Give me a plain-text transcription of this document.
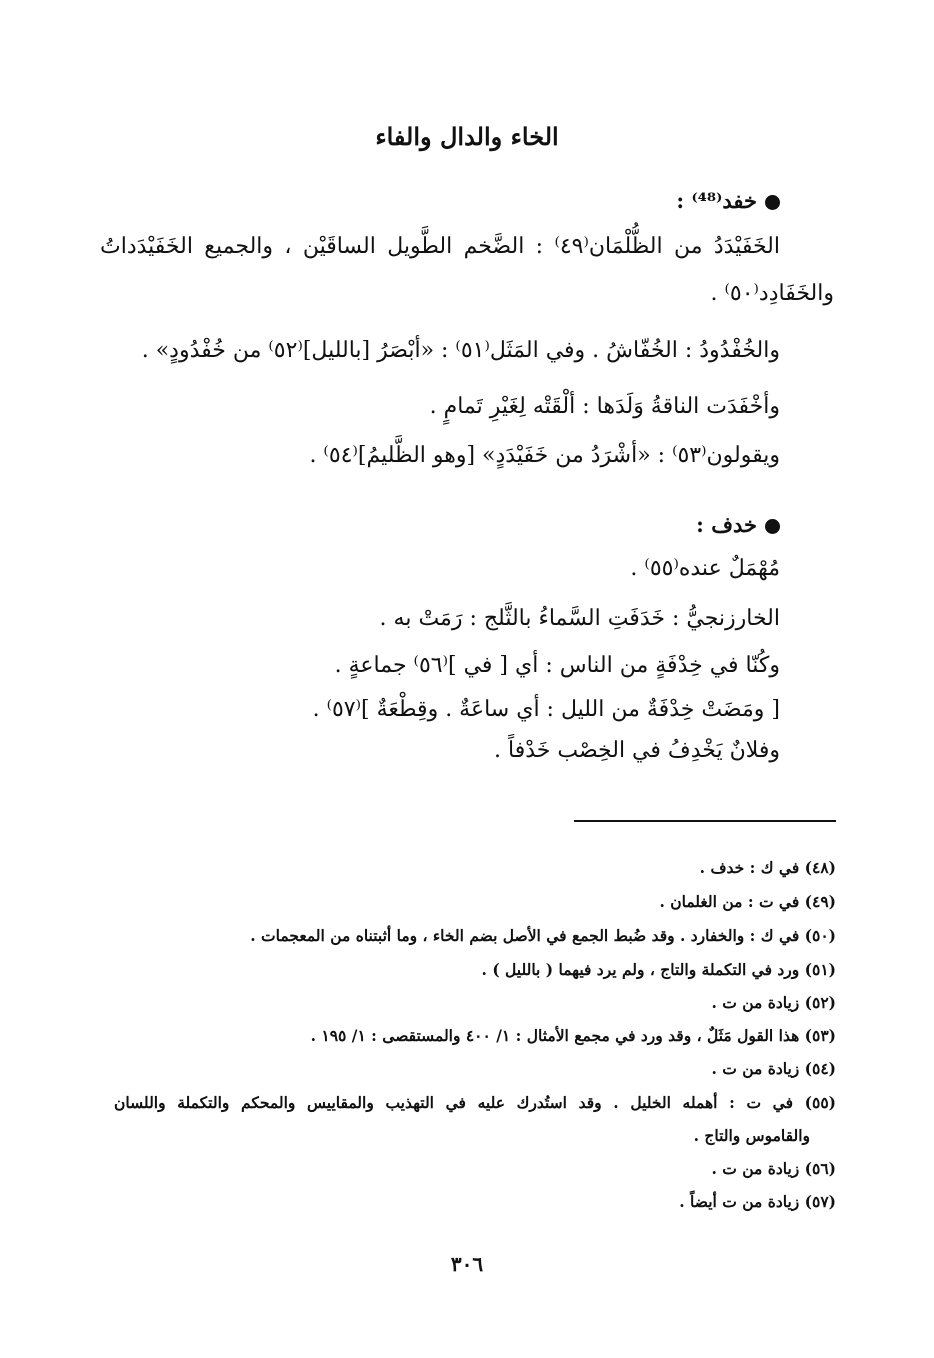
الخاء والدال والفاء
خفد⁽⁴⁸⁾ :
الخَفَيْدَدُ من الظُّلْمَان⁽٤٩⁾ : الضَّخم الطَّويل الساقَيْن ، والجميع الخَفَيْدَداتُ
والخَفَادِد⁽٥٠⁾ .
والخُفْدُودُ : الخُفّاشُ . وفي المَثَل⁽٥١⁾ : «أبْصَرُ [بالليل]⁽٥٢⁾ من خُفْدُودٍ» .
وأخْفَدَت الناقةُ وَلَدَها : ألْقَتْه لِغَيْرِ تَمامٍ .
ويقولون⁽٥٣⁾ : «أشْرَدُ من خَفَيْدَدٍ» [وهو الظَّليمُ]⁽٥٤⁾ .
خدف :
مُهْمَلٌ عنده⁽٥٥⁾ .
الخارزنجيُّ : خَدَفَتِ السَّماءُ بالثَّلج : رَمَتْ به .
وكُنّا في خِدْفَةٍ من الناس : أي [ في ]⁽٥٦⁾ جماعةٍ .
[ ومَضَتْ خِدْفَةٌ من الليل : أي ساعَةٌ . وقِطْعَةٌ ]⁽٥٧⁾ .
وفلانٌ يَخْدِفُ في الخِصْب خَدْفاً .
(٤٨) في ك : خدف .
(٤٩) في ت : من الغلمان .
(٥٠) في ك : والخفارد . وقد ضُبط الجمع في الأصل بضم الخاء ، وما أثبتناه من المعجمات .
(٥١) ورد في التكملة والتاج ، ولم يرد فيهما ( بالليل ) .
(٥٢) زيادة من ت .
(٥٣) هذا القول مَثَلٌ ، وقد ورد في مجمع الأمثال : ١/ ٤٠٠ والمستقصى : ١/ ١٩٥ .
(٥٤) زيادة من ت .
(٥٥) في ت : أهمله الخليل . وقد استُدرك عليه في التهذيب والمقاييس والمحكم والتكملة واللسان
والقاموس والتاج .
(٥٦) زيادة من ت .
(٥٧) زيادة من ت أيضاً .
٣٠٦
